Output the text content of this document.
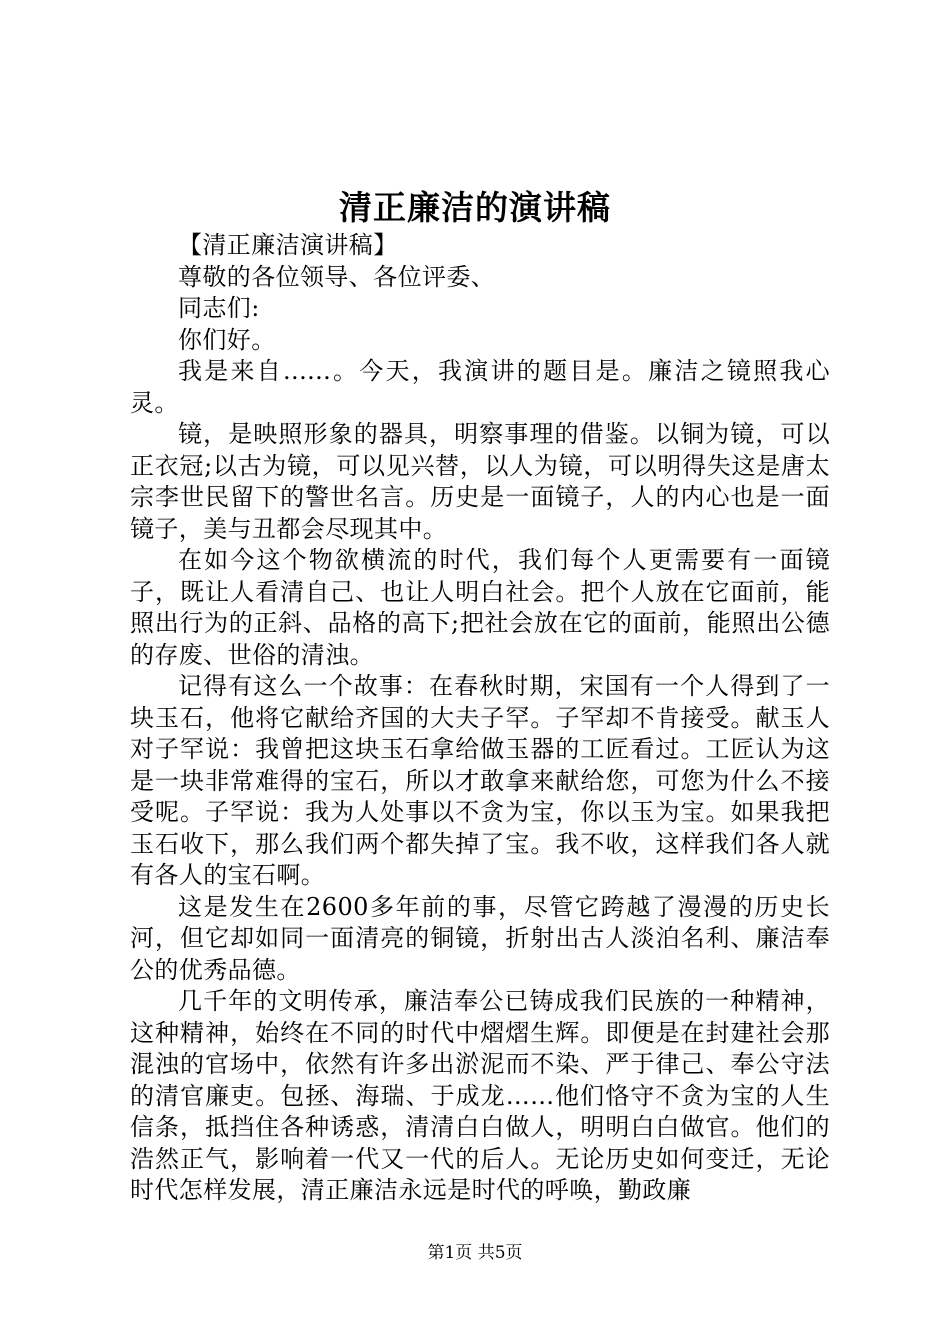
清正廉洁的演讲稿

【清正廉洁演讲稿】

尊敬的各位领导、各位评委、

同志们:

你们好。

我是来自......。今天，我演讲的题目是。廉洁之镜照我心灵。

镜，是映照形象的器具，明察事理的借鉴。以铜为镜，可以正衣冠;以古为镜，可以见兴替，以人为镜，可以明得失这是唐太宗李世民留下的警世名言。历史是一面镜子，人的内心也是一面镜子，美与丑都会尽现其中。

在如今这个物欲横流的时代，我们每个人更需要有一面镜子，既让人看清自己、也让人明白社会。把个人放在它面前，能照出行为的正斜、品格的高下;把社会放在它的面前，能照出公德的存废、世俗的清浊。

记得有这么一个故事：在春秋时期，宋国有一个人得到了一块玉石，他将它献给齐国的大夫子罕。子罕却不肯接受。献玉人对子罕说：我曾把这块玉石拿给做玉器的工匠看过。工匠认为这是一块非常难得的宝石，所以才敢拿来献给您，可您为什么不接受呢。子罕说：我为人处事以不贪为宝，你以玉为宝。如果我把玉石收下，那么我们两个都失掉了宝。我不收，这样我们各人就有各人的宝石啊。

这是发生在2600多年前的事，尽管它跨越了漫漫的历史长河，但它却如同一面清亮的铜镜，折射出古人淡泊名利、廉洁奉公的优秀品德。

几千年的文明传承，廉洁奉公已铸成我们民族的一种精神，这种精神，始终在不同的时代中熠熠生辉。即便是在封建社会那混浊的官场中，依然有许多出淤泥而不染、严于律己、奉公守法的清官廉吏。包拯、海瑞、于成龙……他们恪守不贪为宝的人生信条，抵挡住各种诱惑，清清白白做人，明明白白做官。他们的浩然正气，影响着一代又一代的后人。无论历史如何变迁，无论时代怎样发展，清正廉洁永远是时代的呼唤，勤政廉

第1页 共5页
